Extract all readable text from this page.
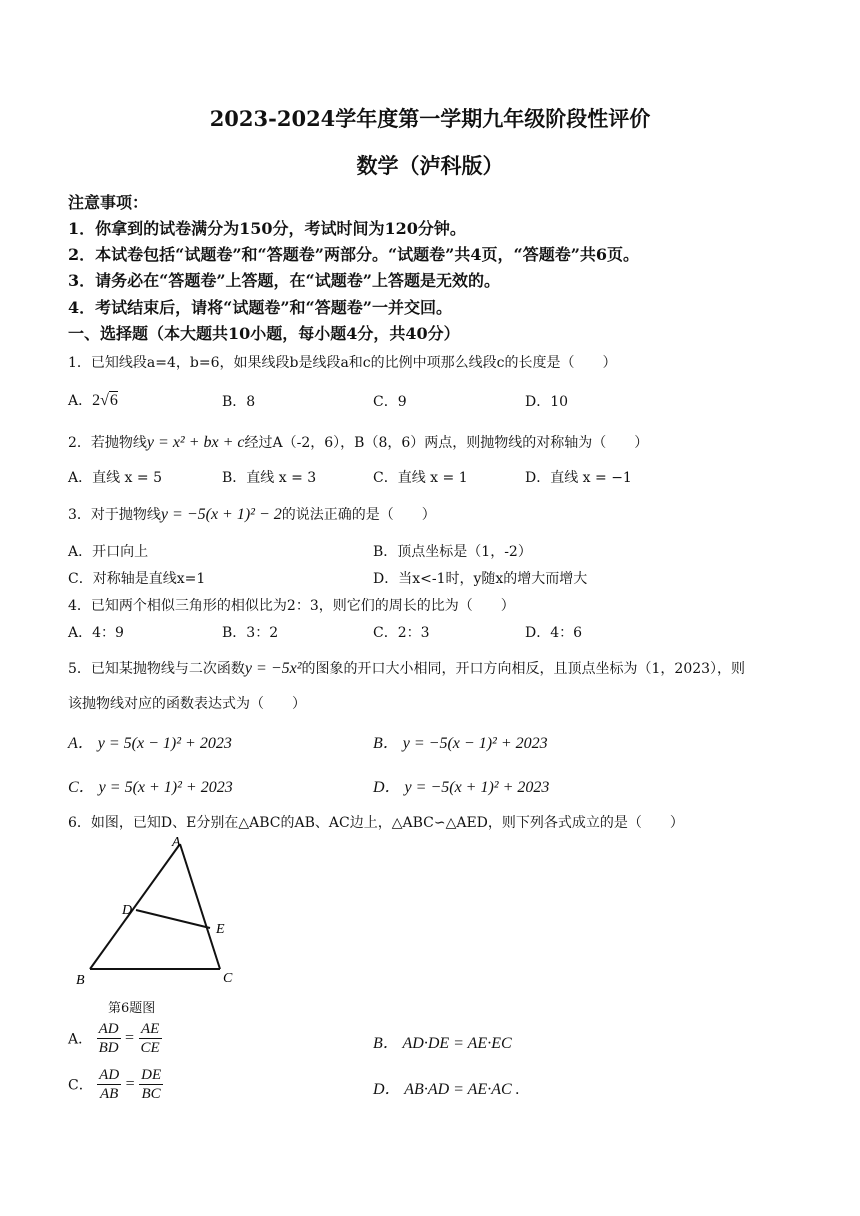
2023-2024学年度第一学期九年级阶段性评价
数学（泸科版）
注意事项：
1．你拿到的试卷满分为150分，考试时间为120分钟。
2．本试卷包括“试题卷”和“答题卷”两部分。“试题卷”共4页，“答题卷”共6页。
3．请务必在“答题卷”上答题，在“试题卷”上答题是无效的。
4．考试结束后，请将“试题卷”和“答题卷”一并交回。
一、选择题（本大题共10小题，每小题4分，共40分）
1．已知线段a=4，b=6，如果线段b是线段a和c的比例中项那么线段c的长度是（　　）
A．2√6	B．8	C．9	D．10
2．若抛物线y = x² + bx + c经过A（-2，6），B（8，6）两点，则抛物线的对称轴为（　　）
A．直线 x = 5	B．直线 x = 3	C．直线 x = 1	D．直线 x = −1
3．对于抛物线y = −5(x + 1)² − 2的说法正确的是（　　）
A．开口向上	B．顶点坐标是（1，-2）
C．对称轴是直线x=1	D．当x<-1时，y随x的增大而增大
4．已知两个相似三角形的相似比为2：3，则它们的周长的比为（　　）
A．4：9	B．3：2	C．2：3	D．4：6
5．已知某抛物线与二次函数y = −5x²的图象的开口大小相同，开口方向相反，且顶点坐标为（1，2023），则
该抛物线对应的函数表达式为（　　）
A． y = 5(x − 1)² + 2023	B． y = −5(x − 1)² + 2023
C． y = 5(x + 1)² + 2023	D． y = −5(x + 1)² + 2023
6．如图，已知D、E分别在△ABC的AB、AC边上，△ABC∽△AED，则下列各式成立的是（　　）
A
B	C
D
E
第6题图
A． $\frac{AD}{BD} = \frac{AE}{CE}$	B． AD·DE = AE·EC
C． $\frac{AD}{AB} = \frac{DE}{BC}$	D． AB·AD = AE·AC .
